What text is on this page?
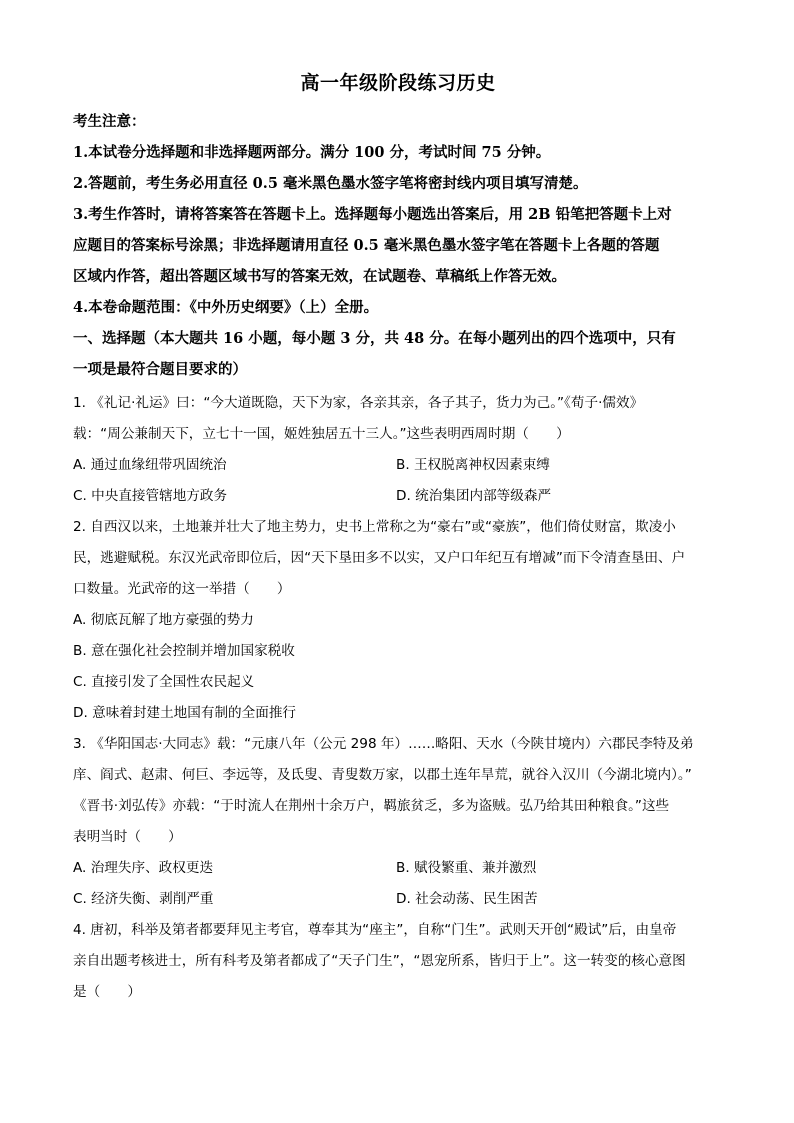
高一年级阶段练习历史
考生注意：
1.本试卷分选择题和非选择题两部分。满分 100 分，考试时间 75 分钟。
2.答题前，考生务必用直径 0.5 毫米黑色墨水签字笔将密封线内项目填写清楚。
3.考生作答时，请将答案答在答题卡上。选择题每小题选出答案后，用 2B 铅笔把答题卡上对
应题目的答案标号涂黑；非选择题请用直径 0.5 毫米黑色墨水签字笔在答题卡上各题的答题
区域内作答，超出答题区域书写的答案无效，在试题卷、草稿纸上作答无效。
4.本卷命题范围：《中外历史纲要》（上）全册。
一、选择题（本大题共 16 小题，每小题 3 分，共 48 分。在每小题列出的四个选项中，只有
一项是最符合题目要求的）
1. 《礼记·礼运》曰：“今大道既隐，天下为家，各亲其亲，各子其子，货力为己。”《荀子·儒效》
载：“周公兼制天下，立七十一国，姬姓独居五十三人。”这些表明西周时期（　　）
A. 通过血缘纽带巩固统治	B. 王权脱离神权因素束缚
C. 中央直接管辖地方政务	D. 统治集团内部等级森严
2. 自西汉以来，土地兼并壮大了地主势力，史书上常称之为“豪右”或“豪族”，他们倚仗财富，欺凌小
民，逃避赋税。东汉光武帝即位后，因“天下垦田多不以实，又户口年纪互有增减”而下令清查垦田、户
口数量。光武帝的这一举措（　　）
A. 彻底瓦解了地方豪强的势力
B. 意在强化社会控制并增加国家税收
C. 直接引发了全国性农民起义
D. 意味着封建土地国有制的全面推行
3. 《华阳国志·大同志》载：“元康八年（公元 298 年）……略阳、天水（今陕甘境内）六郡民李特及弟
庠、阎式、赵肃、何巨、李远等，及氐叟、青叟数万家，以郡土连年旱荒，就谷入汉川（今湖北境内）。”
《晋书·刘弘传》亦载：“于时流人在荆州十余万户，羁旅贫乏，多为盗贼。弘乃给其田种粮食。”这些
表明当时（　　）
A. 治理失序、政权更迭	B. 赋役繁重、兼并激烈
C. 经济失衡、剥削严重	D. 社会动荡、民生困苦
4. 唐初，科举及第者都要拜见主考官，尊奉其为“座主”，自称“门生”。武则天开创“殿试”后，由皇帝
亲自出题考核进士，所有科考及第者都成了“天子门生”，“恩宠所系，皆归于上”。这一转变的核心意图
是（　　）
